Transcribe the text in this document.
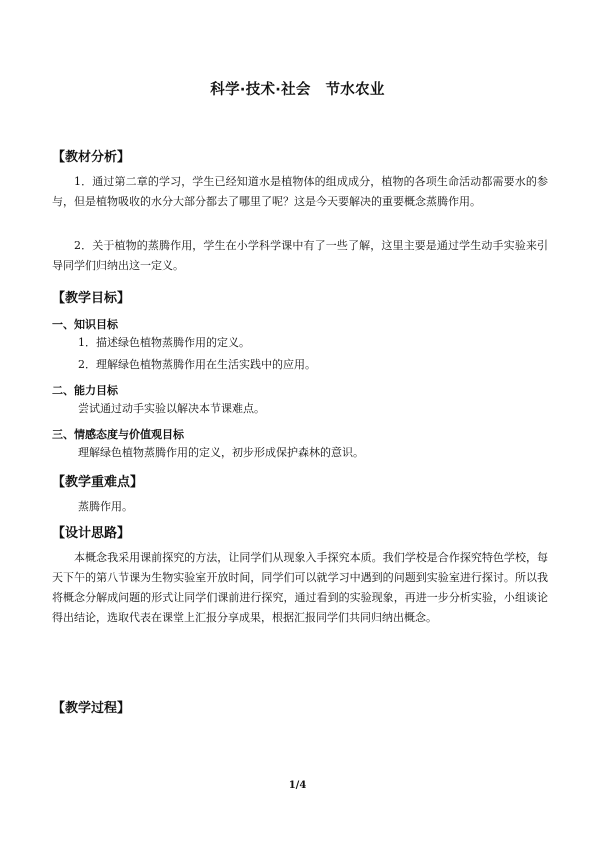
科学·技术·社会　节水农业
【教材分析】
1．通过第二章的学习，学生已经知道水是植物体的组成成分，植物的各项生命活动都需要水的参与，但是植物吸收的水分大部分都去了哪里了呢？这是今天要解决的重要概念蒸腾作用。
2．关于植物的蒸腾作用，学生在小学科学课中有了一些了解，这里主要是通过学生动手实验来引导同学们归纳出这一定义。
【教学目标】
一、知识目标
1．描述绿色植物蒸腾作用的定义。
2．理解绿色植物蒸腾作用在生活实践中的应用。
二、能力目标
尝试通过动手实验以解决本节课难点。
三、情感态度与价值观目标
理解绿色植物蒸腾作用的定义，初步形成保护森林的意识。
【教学重难点】
蒸腾作用。
【设计思路】
本概念我采用课前探究的方法，让同学们从现象入手探究本质。我们学校是合作探究特色学校，每天下午的第八节课为生物实验室开放时间，同学们可以就学习中遇到的问题到实验室进行探讨。所以我将概念分解成问题的形式让同学们课前进行探究，通过看到的实验现象，再进一步分析实验，小组谈论得出结论，选取代表在课堂上汇报分享成果，根据汇报同学们共同归纳出概念。
【教学过程】
1/4
